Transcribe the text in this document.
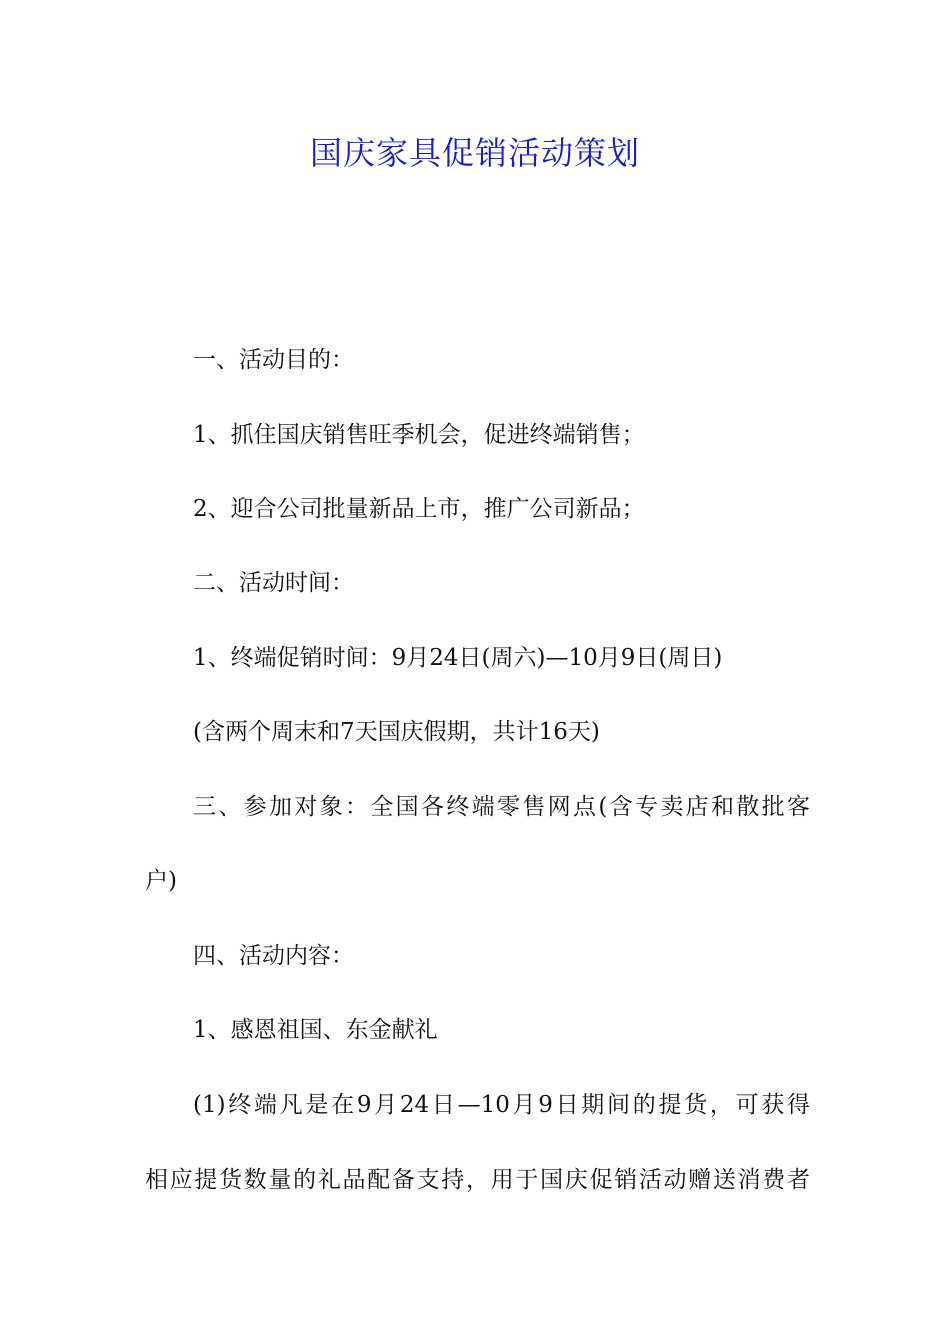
国庆家具促销活动策划
一、活动目的：
1、抓住国庆销售旺季机会，促进终端销售；
2、迎合公司批量新品上市，推广公司新品；
二、活动时间：
1、终端促销时间：9月24日(周六)—10月9日(周日)
(含两个周末和7天国庆假期，共计16天)
三、参加对象：全国各终端零售网点(含专卖店和散批客
户)
四、活动内容：
1、感恩祖国、东金献礼
(1)终端凡是在9月24日—10月9日期间的提货，可获得
相应提货数量的礼品配备支持，用于国庆促销活动赠送消费者
